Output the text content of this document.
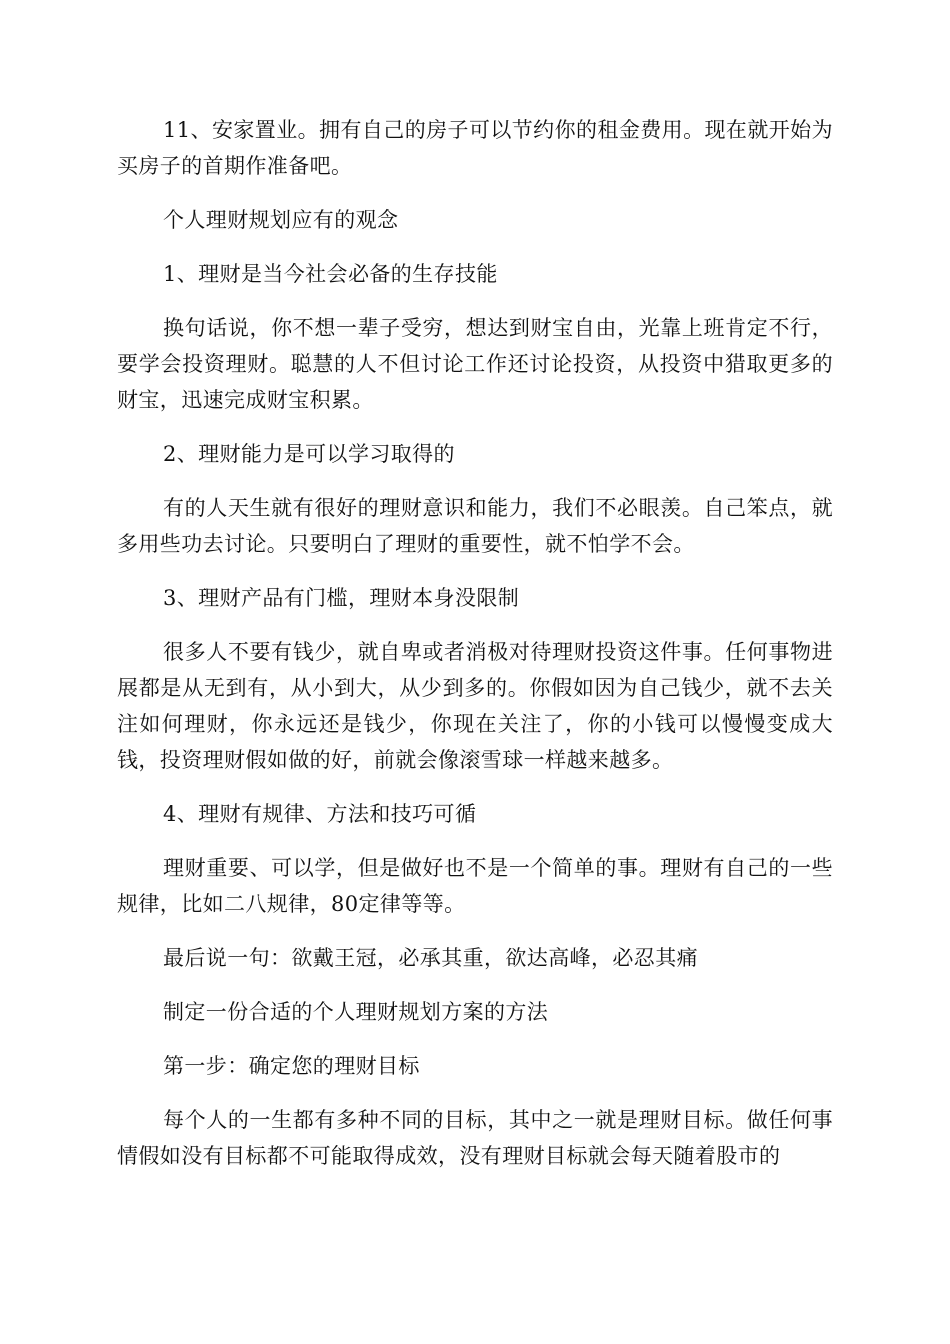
11、安家置业。拥有自己的房子可以节约你的租金费用。现在就开始为买房子的首期作准备吧。

个人理财规划应有的观念

1、理财是当今社会必备的生存技能

换句话说，你不想一辈子受穷，想达到财宝自由，光靠上班肯定不行，要学会投资理财。聪慧的人不但讨论工作还讨论投资，从投资中猎取更多的财宝，迅速完成财宝积累。

2、理财能力是可以学习取得的

有的人天生就有很好的理财意识和能力，我们不必眼羡。自己笨点，就多用些功去讨论。只要明白了理财的重要性，就不怕学不会。

3、理财产品有门槛，理财本身没限制

很多人不要有钱少，就自卑或者消极对待理财投资这件事。任何事物进展都是从无到有，从小到大，从少到多的。你假如因为自己钱少，就不去关注如何理财，你永远还是钱少，你现在关注了，你的小钱可以慢慢变成大钱，投资理财假如做的好，前就会像滚雪球一样越来越多。

4、理财有规律、方法和技巧可循

理财重要、可以学，但是做好也不是一个简单的事。理财有自己的一些规律，比如二八规律，80定律等等。

最后说一句：欲戴王冠，必承其重，欲达高峰，必忍其痛

制定一份合适的个人理财规划方案的方法

第一步：确定您的理财目标

每个人的一生都有多种不同的目标，其中之一就是理财目标。做任何事情假如没有目标都不可能取得成效，没有理财目标就会每天随着股市的
